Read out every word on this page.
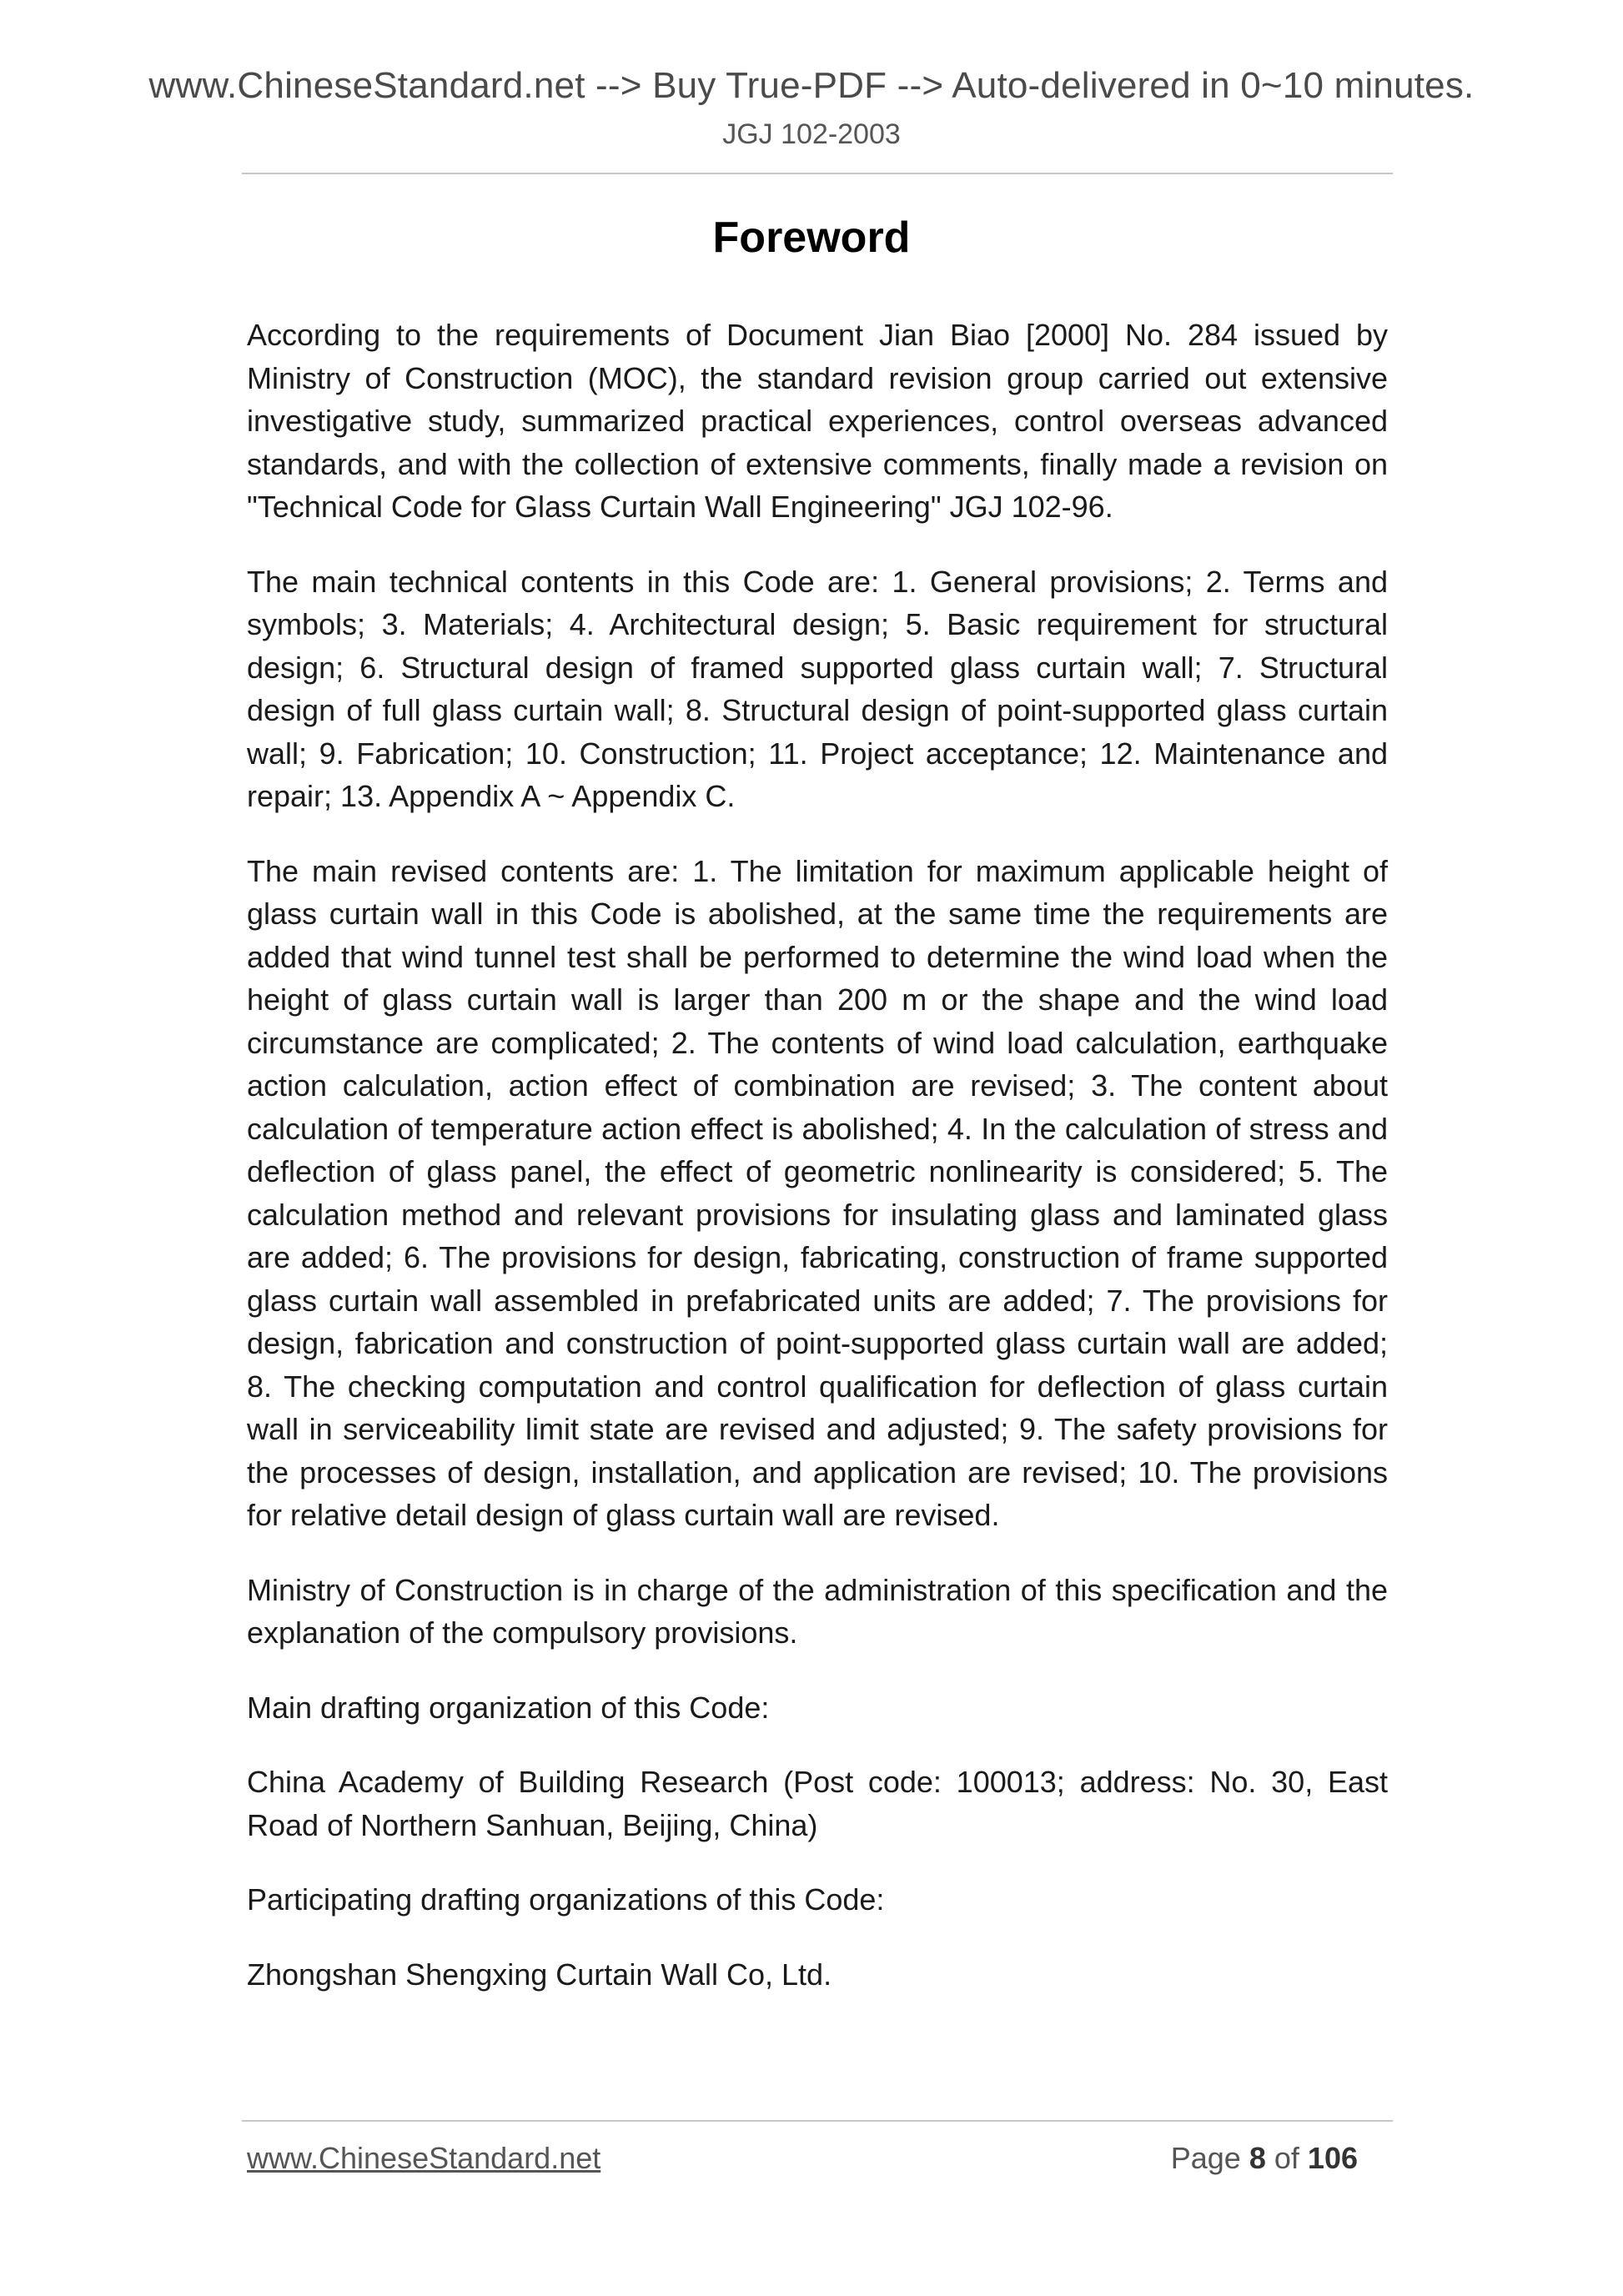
www.ChineseStandard.net --> Buy True-PDF --> Auto-delivered in 0~10 minutes.
JGJ 102-2003
Foreword

According to the requirements of Document Jian Biao [2000] No. 284 issued by Ministry of Construction (MOC), the standard revision group carried out extensive investigative study, summarized practical experiences, control overseas advanced standards, and with the collection of extensive comments, finally made a revision on "Technical Code for Glass Curtain Wall Engineering" JGJ 102-96.

The main technical contents in this Code are: 1. General provisions; 2. Terms and symbols; 3. Materials; 4. Architectural design; 5. Basic requirement for structural design; 6. Structural design of framed supported glass curtain wall; 7. Structural design of full glass curtain wall; 8. Structural design of point-supported glass curtain wall; 9. Fabrication; 10. Construction; 11. Project acceptance; 12. Maintenance and repair; 13. Appendix A ~ Appendix C.

The main revised contents are: 1. The limitation for maximum applicable height of glass curtain wall in this Code is abolished, at the same time the requirements are added that wind tunnel test shall be performed to determine the wind load when the height of glass curtain wall is larger than 200 m or the shape and the wind load circumstance are complicated; 2. The contents of wind load calculation, earthquake action calculation, action effect of combination are revised; 3. The content about calculation of temperature action effect is abolished; 4. In the calculation of stress and deflection of glass panel, the effect of geometric nonlinearity is considered; 5. The calculation method and relevant provisions for insulating glass and laminated glass are added; 6. The provisions for design, fabricating, construction of frame supported glass curtain wall assembled in prefabricated units are added; 7. The provisions for design, fabrication and construction of point-supported glass curtain wall are added; 8. The checking computation and control qualification for deflection of glass curtain wall in serviceability limit state are revised and adjusted; 9. The safety provisions for the processes of design, installation, and application are revised; 10. The provisions for relative detail design of glass curtain wall are revised.

Ministry of Construction is in charge of the administration of this specification and the explanation of the compulsory provisions.

Main drafting organization of this Code:

China Academy of Building Research (Post code: 100013; address: No. 30, East Road of Northern Sanhuan, Beijing, China)

Participating drafting organizations of this Code:

Zhongshan Shengxing Curtain Wall Co, Ltd.

www.ChineseStandard.net	Page 8 of 106
